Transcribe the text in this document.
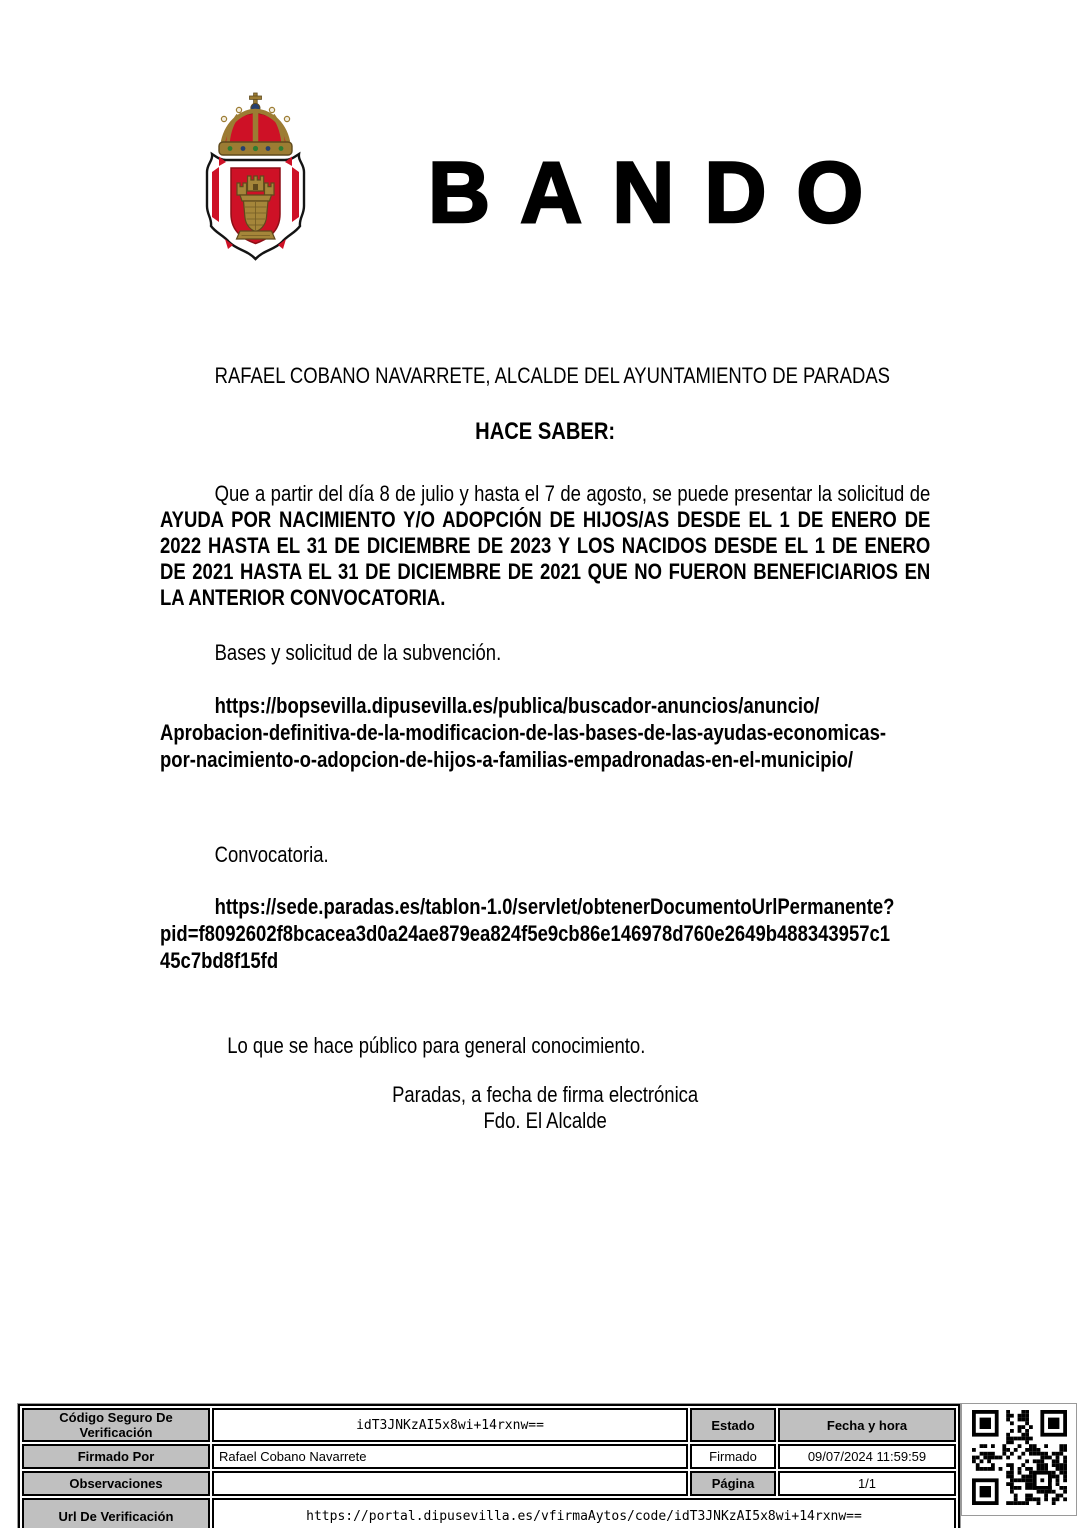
BANDO
RAFAEL COBANO NAVARRETE, ALCALDE DEL AYUNTAMIENTO DE PARADAS
HACE SABER:
Que a partir del día 8 de julio y hasta el 7 de agosto, se puede presentar la solicitud de AYUDA POR NACIMIENTO Y/O ADOPCIÓN DE HIJOS/AS DESDE EL 1 DE ENERO DE 2022 HASTA EL 31 DE DICIEMBRE DE 2023 Y LOS NACIDOS DESDE EL 1 DE ENERO DE 2021 HASTA EL 31 DE DICIEMBRE DE 2021 QUE NO FUERON BENEFICIARIOS EN LA ANTERIOR CONVOCATORIA.
Bases y solicitud de la subvención.
https://bopsevilla.dipusevilla.es/publica/buscador-anuncios/anuncio/
Aprobacion-definitiva-de-la-modificacion-de-las-bases-de-las-ayudas-economicas-
por-nacimiento-o-adopcion-de-hijos-a-familias-empadronadas-en-el-municipio/
Convocatoria.
https://sede.paradas.es/tablon-1.0/servlet/obtenerDocumentoUrlPermanente?
pid=f8092602f8bcacea3d0a24ae879ea824f5e9cb86e146978d760e2649b488343957c1
45c7bd8f15fd
Lo que se hace público para general conocimiento.
Paradas, a fecha de firma electrónica
Fdo. El Alcalde
Código Seguro De Verificación	idT3JNKzAI5x8wi+14rxnw==	Estado	Fecha y hora
Firmado Por	Rafael Cobano Navarrete	Firmado	09/07/2024 11:59:59
Observaciones		Página	1/1
Url De Verificación	https://portal.dipusevilla.es/vfirmaAytos/code/idT3JNKzAI5x8wi+14rxnw==		
